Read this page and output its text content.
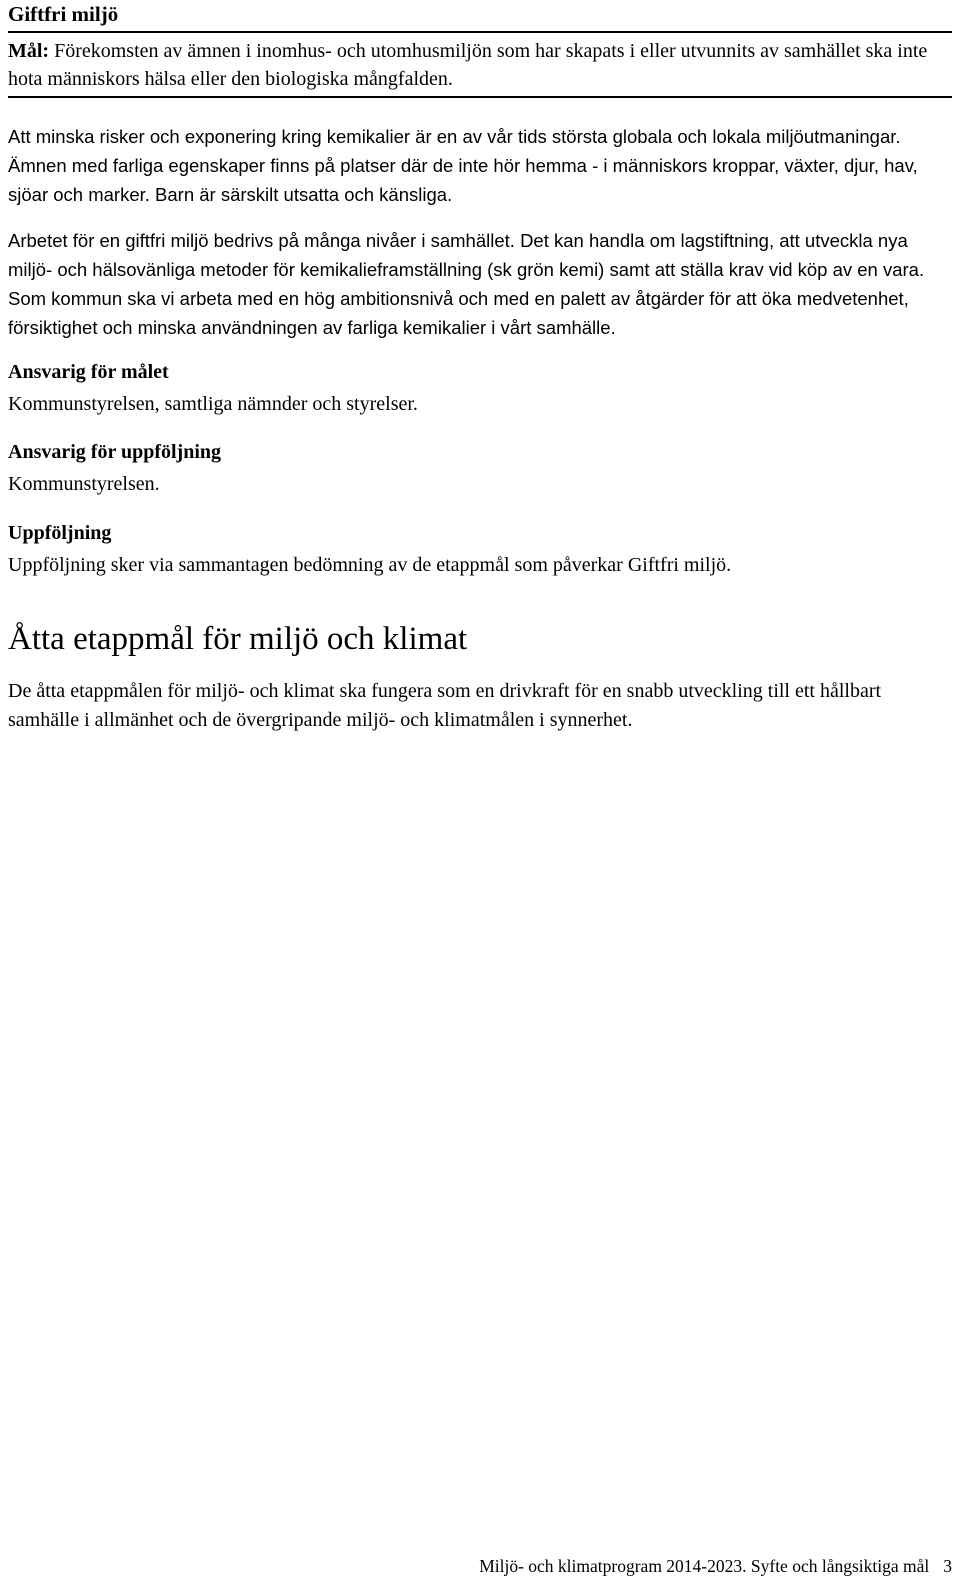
Giftfri miljö

Mål: Förekomsten av ämnen i inomhus- och utomhusmiljön som har skapats i eller utvunnits av samhället ska inte hota människors hälsa eller den biologiska mångfalden.

Att minska risker och exponering kring kemikalier är en av vår tids största globala och lokala miljöutmaningar. Ämnen med farliga egenskaper finns på platser där de inte hör hemma - i människors kroppar, växter, djur, hav, sjöar och marker. Barn är särskilt utsatta och känsliga.

Arbetet för en giftfri miljö bedrivs på många nivåer i samhället. Det kan handla om lagstiftning, att utveckla nya miljö- och hälsovänliga metoder för kemikalieframställning (sk grön kemi) samt att ställa krav vid köp av en vara. Som kommun ska vi arbeta med en hög ambitionsnivå och med en palett av åtgärder för att öka medvetenhet, försiktighet och minska användningen av farliga kemikalier i vårt samhälle.

Ansvarig för målet

Kommunstyrelsen, samtliga nämnder och styrelser.

Ansvarig för uppföljning

Kommunstyrelsen.

Uppföljning

Uppföljning sker via sammantagen bedömning av de etappmål som påverkar Giftfri miljö.

Åtta etappmål för miljö och klimat

De åtta etappmålen för miljö- och klimat ska fungera som en drivkraft för en snabb utveckling till ett hållbart samhälle i allmänhet och de övergripande miljö- och klimatmålen i synnerhet.

Miljö- och klimatprogram 2014-2023. Syfte och långsiktiga mål 3
